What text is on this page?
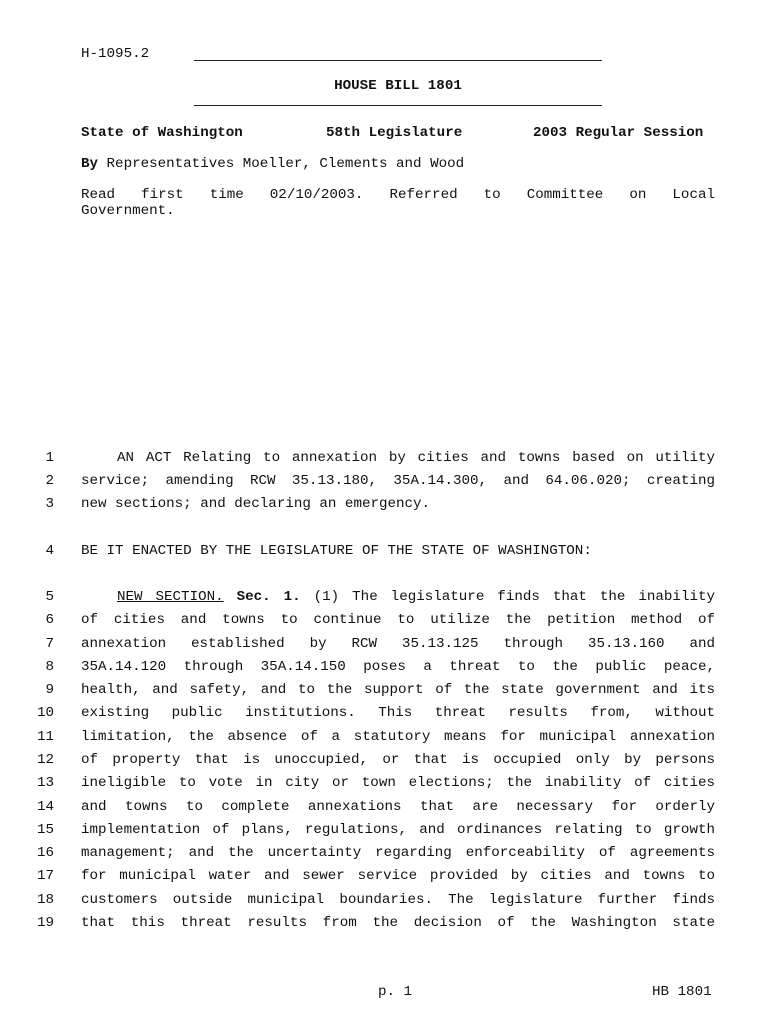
H-1095.2
HOUSE BILL 1801
State of Washington	58th Legislature	2003 Regular Session
By Representatives Moeller, Clements and Wood
Read first time 02/10/2003. Referred to Committee on Local
Government.
1	AN ACT Relating to annexation by cities and towns based on utility
2 service; amending RCW 35.13.180, 35A.14.300, and 64.06.020; creating
3 new sections; and declaring an emergency.
4 BE IT ENACTED BY THE LEGISLATURE OF THE STATE OF WASHINGTON:
5	NEW SECTION. Sec. 1. (1) The legislature finds that the inability
6 of cities and towns to continue to utilize the petition method of
7 annexation established by RCW 35.13.125 through 35.13.160 and
8 35A.14.120 through 35A.14.150 poses a threat to the public peace,
9 health, and safety, and to the support of the state government and its
10 existing public institutions. This threat results from, without
11 limitation, the absence of a statutory means for municipal annexation
12 of property that is unoccupied, or that is occupied only by persons
13 ineligible to vote in city or town elections; the inability of cities
14 and towns to complete annexations that are necessary for orderly
15 implementation of plans, regulations, and ordinances relating to growth
16 management; and the uncertainty regarding enforceability of agreements
17 for municipal water and sewer service provided by cities and towns to
18 customers outside municipal boundaries. The legislature further finds
19 that this threat results from the decision of the Washington state
p. 1	HB 1801
